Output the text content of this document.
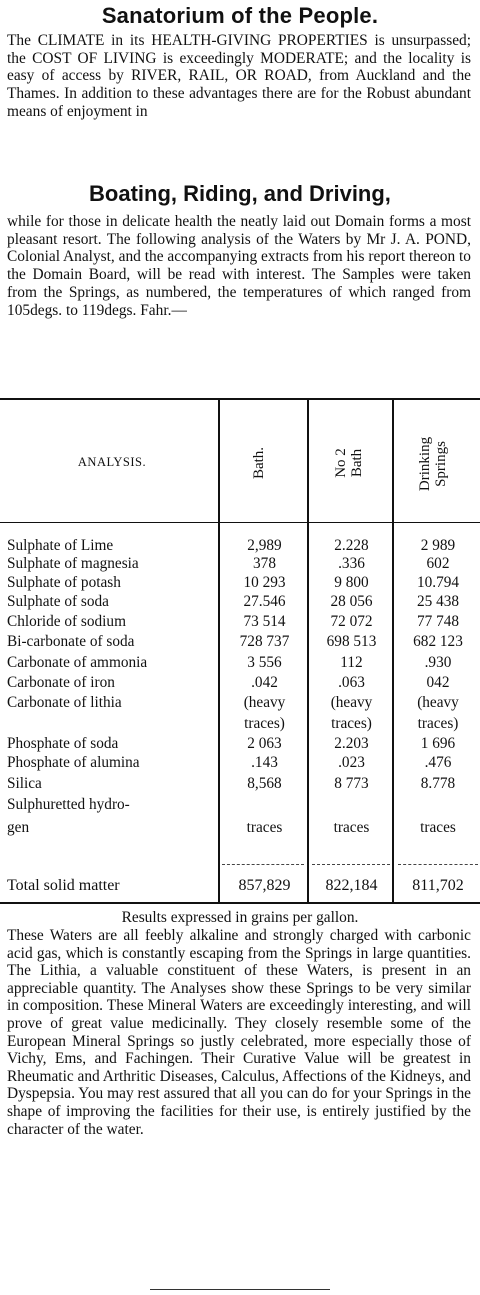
Sanatorium of the People.

The CLIMATE in its HEALTH-GIVING PROPERTIES is unsurpassed; the COST OF LIVING is exceedingly MODERATE; and the locality is easy of access by RIVER, RAIL, OR ROAD, from Auckland and the Thames. In addition to these advantages there are for the Robust abundant means of enjoyment in

Boating, Riding, and Driving,

while for those in delicate health the neatly laid out Domain forms a most pleasant resort. The following analysis of the Waters by Mr J. A. POND, Colonial Analyst, and the accompanying extracts from his report thereon to the Domain Board, will be read with interest. The Samples were taken from the Springs, as numbered, the temperatures of which ranged from 105degs. to 119degs. Fahr.—

ANALYSIS.	Bath.	No 2 Bath	Drinking Springs
Sulphate of Lime	2,989	2.228	2 989
Sulphate of magnesia	378	.336	602
Sulphate of potash	10 293	9 800	10.794
Sulphate of soda	27.546	28 056	25 438
Chloride of sodium	73 514	72 072	77 748
Bi-carbonate of soda	728 737	698 513	682 123
Carbonate of ammonia	3 556	112	.930
Carbonate of iron	.042	.063	042
Carbonate of lithia	(heavy	(heavy	(heavy
traces)	traces)	traces)
Phosphate of soda	2 063	2.203	1 696
Phosphate of alumina	.143	.023	.476
Silica	8,568	8 773	8.778
Sulphuretted hydro-
gen	traces	traces	traces
Total solid matter	857,829	822,184	811,702
Results expressed in grains per gallon.

These Waters are all feebly alkaline and strongly charged with carbonic acid gas, which is constantly escaping from the Springs in large quantities. The Lithia, a valuable constituent of these Waters, is present in an appreciable quantity. The Analyses show these Springs to be very similar in composition. These Mineral Waters are exceedingly interesting, and will prove of great value medicinally. They closely resemble some of the European Mineral Springs so justly celebrated, more especially those of Vichy, Ems, and Fachingen. Their Curative Value will be greatest in Rheumatic and Arthritic Diseases, Calculus, Affections of the Kidneys, and Dyspepsia. You may rest assured that all you can do for your Springs in the shape of improving the facilities for their use, is entirely justified by the character of the water.
